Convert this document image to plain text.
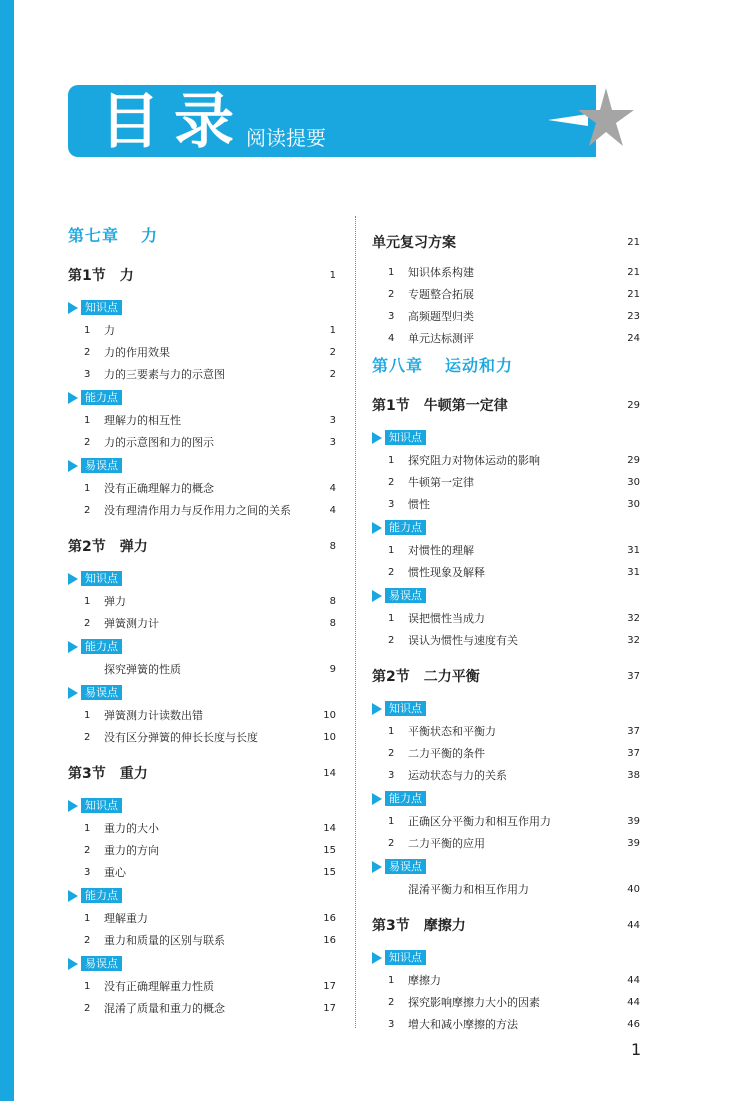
目录
阅读提要
第七章 力
第1节 力	1
知识点
1	力	1
2	力的作用效果	2
3	力的三要素与力的示意图	2
能力点
1	理解力的相互性	3
2	力的示意图和力的图示	3
易误点
1	没有正确理解力的概念	4
2	没有理清作用力与反作用力之间的关系	4
第2节 弹力	8
知识点
1	弹力	8
2	弹簧测力计	8
能力点
探究弹簧的性质	9
易误点
1	弹簧测力计读数出错	10
2	没有区分弹簧的伸长长度与长度	10
第3节 重力	14
知识点
1	重力的大小	14
2	重力的方向	15
3	重心	15
能力点
1	理解重力	16
2	重力和质量的区别与联系	16
易误点
1	没有正确理解重力性质	17
2	混淆了质量和重力的概念	17
单元复习方案	21
1	知识体系构建	21
2	专题整合拓展	21
3	高频题型归类	23
4	单元达标测评	24
第八章 运动和力
第1节 牛顿第一定律	29
知识点
1	探究阻力对物体运动的影响	29
2	牛顿第一定律	30
3	惯性	30
能力点
1	对惯性的理解	31
2	惯性现象及解释	31
易误点
1	误把惯性当成力	32
2	误认为惯性与速度有关	32
第2节 二力平衡	37
知识点
1	平衡状态和平衡力	37
2	二力平衡的条件	37
3	运动状态与力的关系	38
能力点
1	正确区分平衡力和相互作用力	39
2	二力平衡的应用	39
易误点
混淆平衡力和相互作用力	40
第3节 摩擦力	44
知识点
1	摩擦力	44
2	探究影响摩擦力大小的因素	44
3	增大和减小摩擦的方法	46
1
